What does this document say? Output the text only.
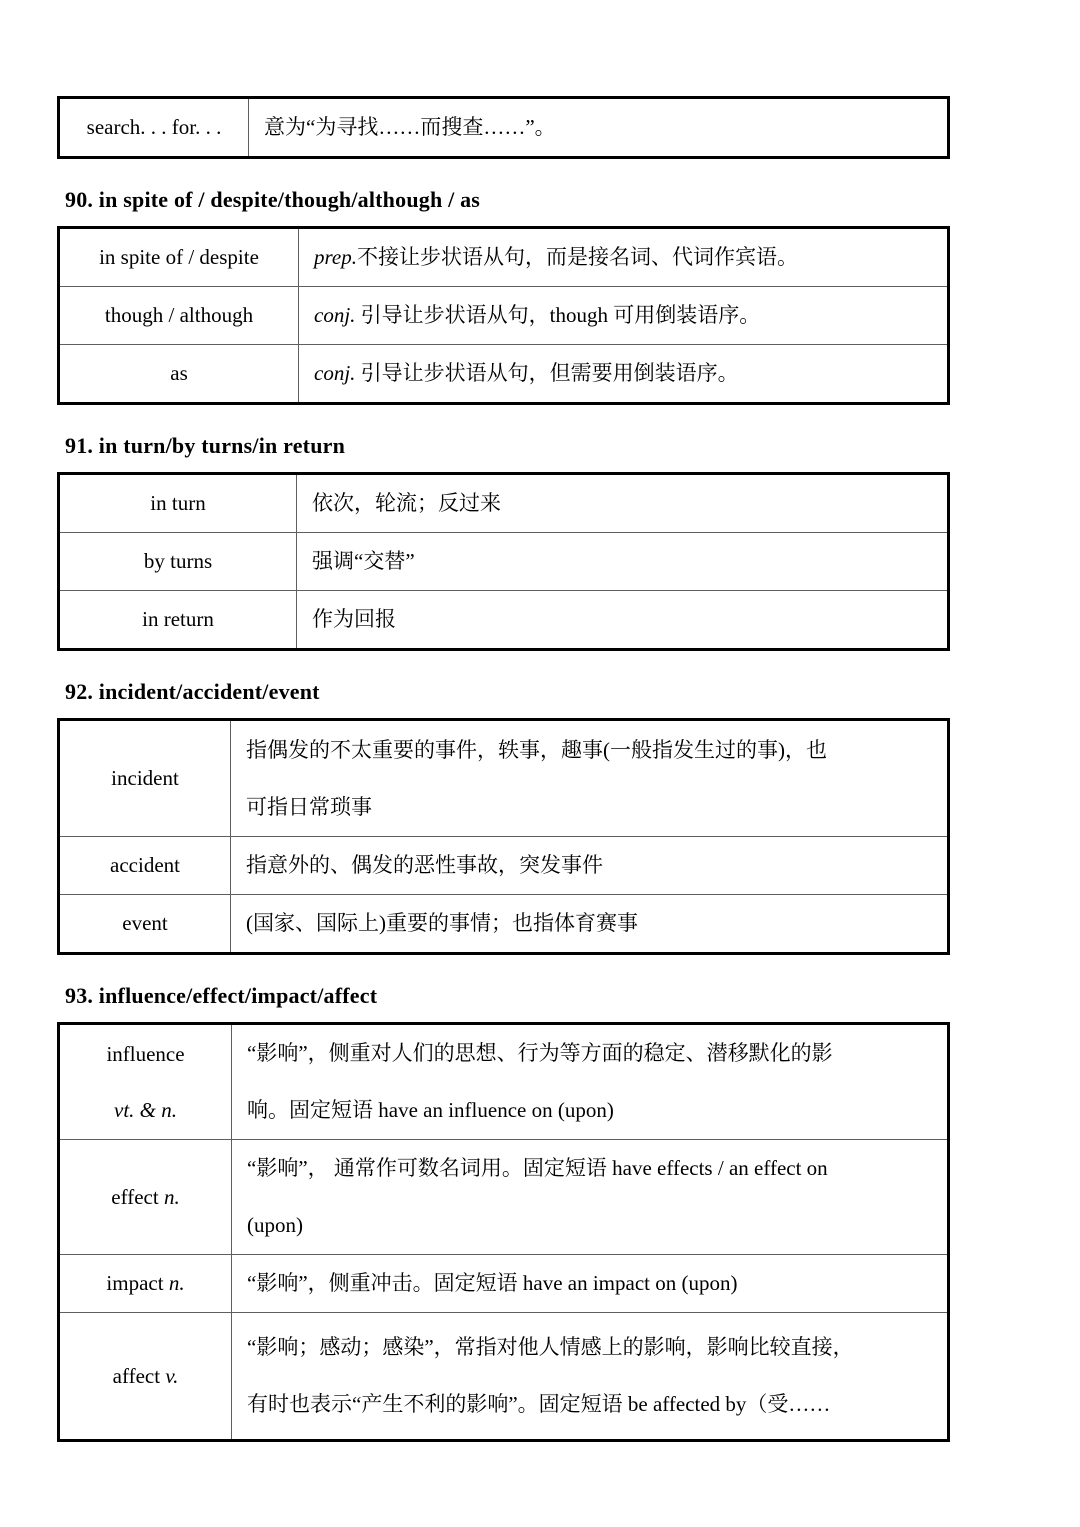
search. . . for. . .	意为“为寻找……而搜查……”。
90. in spite of / despite/though/although / as
in spite of / despite	prep.不接让步状语从句，而是接名词、代词作宾语。
though / although	conj. 引导让步状语从句，though 可用倒装语序。
as	conj. 引导让步状语从句，但需要用倒装语序。
91. in turn/by turns/in return
in turn	依次，轮流；反过来
by turns	强调“交替”
in return	作为回报
92. incident/accident/event
incident	指偶发的不太重要的事件，轶事，趣事(一般指发生过的事)，也
可指日常琐事

accident	指意外的、偶发的恶性事故，突发事件
event	(国家、国际上)重要的事情；也指体育赛事
93. influence/effect/impact/affect
influence
vt. & n.	“影响”，侧重对人们的思想、行为等方面的稳定、潜移默化的影
响。固定短语 have an influence on (upon)

effect n.	“影响”， 通常作可数名词用。固定短语 have effects / an effect on
(upon)

impact n.	“影响”，侧重冲击。固定短语 have an impact on (upon)
affect v.	“影响；感动；感染”，常指对他人情感上的影响，影响比较直接，
有时也表示“产生不利的影响”。固定短语 be affected by（受……
